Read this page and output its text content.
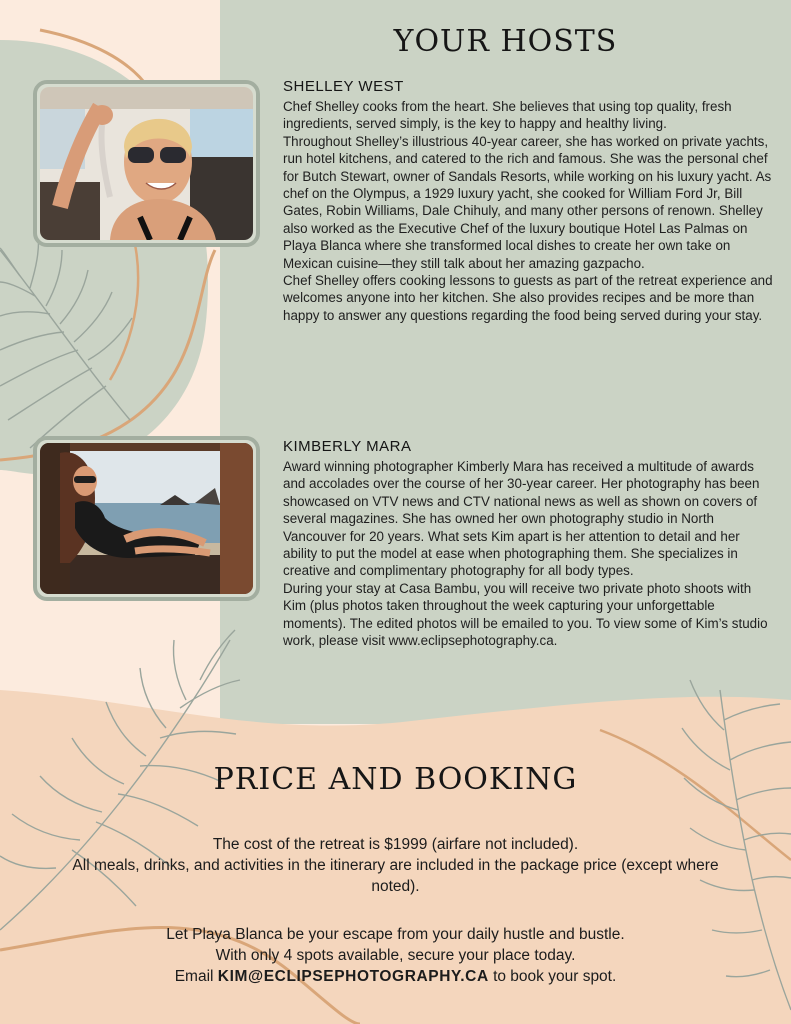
YOUR HOSTS
SHELLEY WEST

Chef Shelley cooks from the heart. She believes that using top quality, fresh ingredients, served simply, is the key to happy and healthy living.

Throughout Shelley’s illustrious 40-year career, she has worked on private yachts, run hotel kitchens, and catered to the rich and famous. She was the personal chef for Butch Stewart, owner of Sandals Resorts, while working on his luxury yacht. As chef on the Olympus, a 1929 luxury yacht, she cooked for William Ford Jr, Bill Gates, Robin Williams, Dale Chihuly, and many other persons of renown. Shelley also worked as the Executive Chef of the luxury boutique Hotel Las Palmas on Playa Blanca where she transformed local dishes to create her own take on Mexican cuisine—they still talk about her amazing gazpacho.

Chef Shelley offers cooking lessons to guests as part of the retreat experience and welcomes anyone into her kitchen. She also provides recipes and be more than happy to answer any questions regarding the food being served during your stay.

KIMBERLY MARA

Award winning photographer Kimberly Mara has received a multitude of awards and accolades over the course of her 30-year career. Her photography has been showcased on VTV news and CTV national news as well as shown on covers of several magazines. She has owned her own photography studio in North Vancouver for 20 years. What sets Kim apart is her attention to detail and her ability to put the model at ease when photographing them. She specializes in creative and complimentary photography for all body types.

During your stay at Casa Bambu, you will receive two private photo shoots with Kim (plus photos taken throughout the week capturing your unforgettable moments). The edited photos will be emailed to you. To view some of Kim’s studio work, please visit www.eclipsephotography.ca.

PRICE AND BOOKING

The cost of the retreat is $1999 (airfare not included).

All meals, drinks, and activities in the itinerary are included in the package price (except where noted).

Let Playa Blanca be your escape from your daily hustle and bustle.

With only 4 spots available, secure your place today.

Email KIM@ECLIPSEPHOTOGRAPHY.CA to book your spot.
